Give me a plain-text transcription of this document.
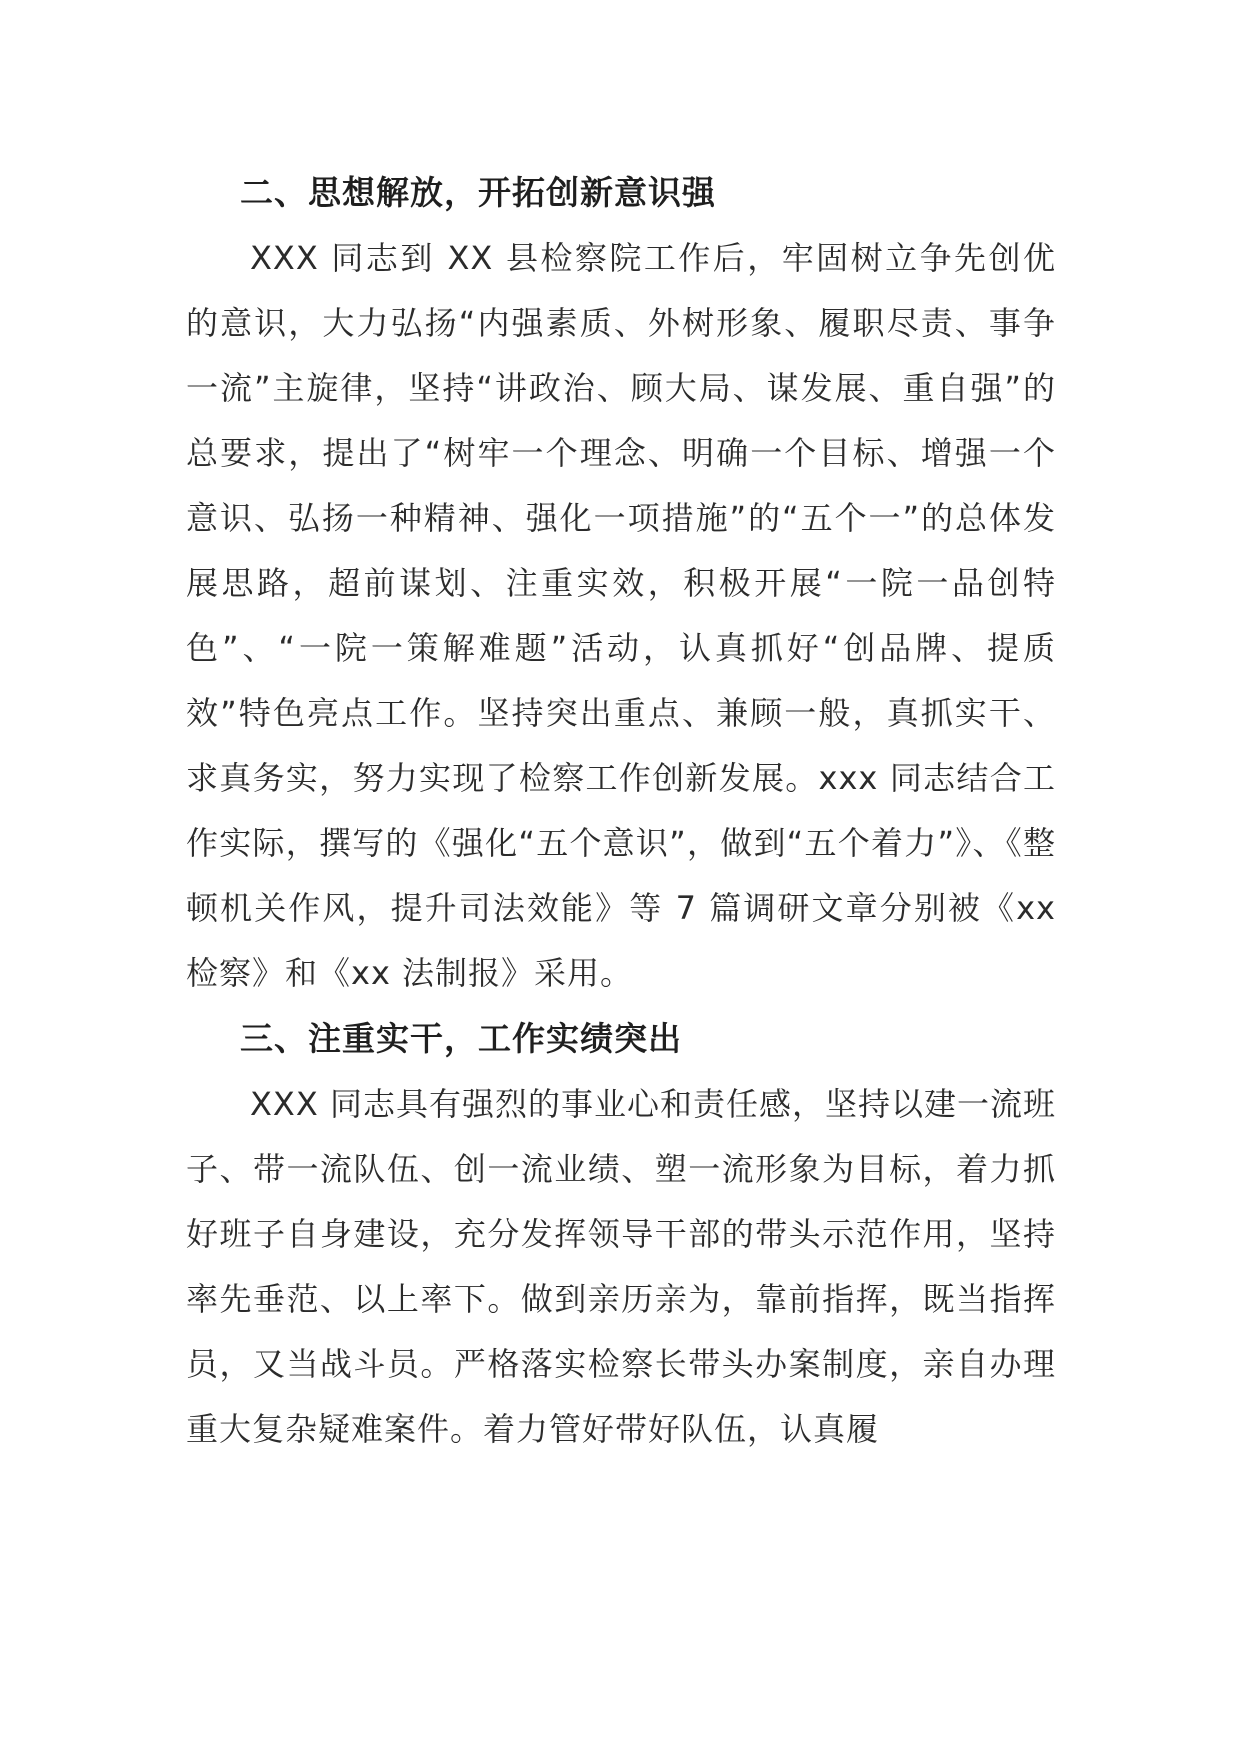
二、思想解放，开拓创新意识强

XXX 同志到 XX 县检察院工作后，牢固树立争先创优的意识，大力弘扬“内强素质、外树形象、履职尽责、事争一流”主旋律，坚持“讲政治、顾大局、谋发展、重自强”的总要求，提出了“树牢一个理念、明确一个目标、增强一个意识、弘扬一种精神、强化一项措施”的“五个一”的总体发展思路，超前谋划、注重实效，积极开展“一院一品创特色”、“一院一策解难题”活动，认真抓好“创品牌、提质效”特色亮点工作。坚持突出重点、兼顾一般，真抓实干、求真务实，努力实现了检察工作创新发展。xxx 同志结合工作实际，撰写的《强化“五个意识”，做到“五个着力”》、《整顿机关作风，提升司法效能》等 7 篇调研文章分别被《xx 检察》和《xx 法制报》采用。

三、注重实干，工作实绩突出

XXX 同志具有强烈的事业心和责任感，坚持以建一流班子、带一流队伍、创一流业绩、塑一流形象为目标，着力抓好班子自身建设，充分发挥领导干部的带头示范作用，坚持率先垂范、以上率下。做到亲历亲为，靠前指挥，既当指挥员，又当战斗员。严格落实检察长带头办案制度，亲自办理重大复杂疑难案件。着力管好带好队伍，认真履
